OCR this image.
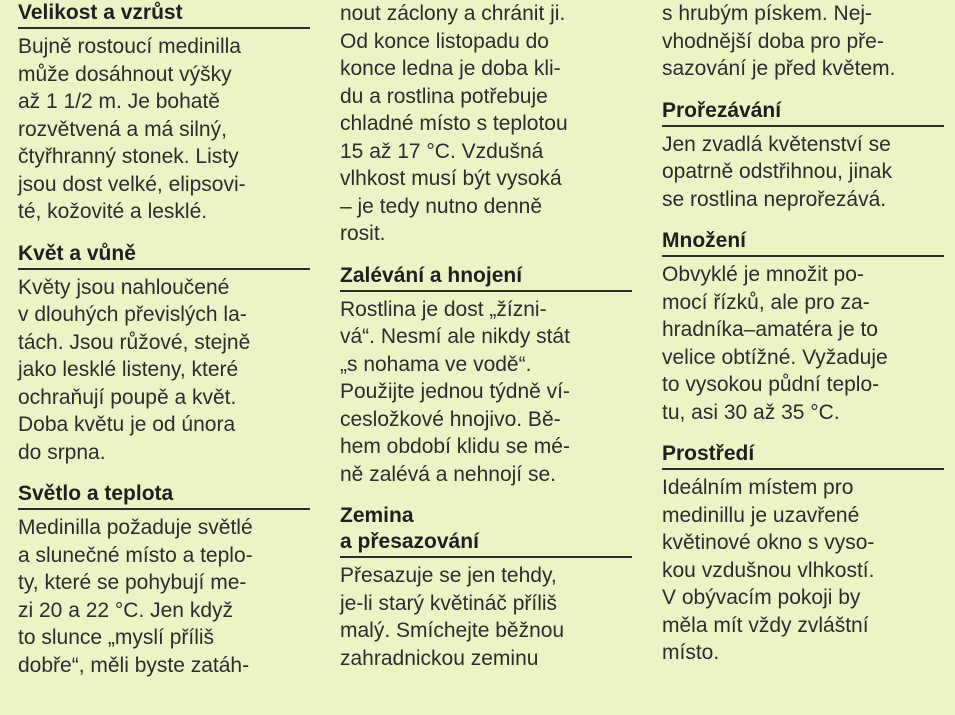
Velikost a vzrůst
Bujně rostoucí medinilla
může dosáhnout výšky
až 1 1/2 m. Je bohatě
rozvětvená a má silný,
čtyřhranný stonek. Listy
jsou dost velké, elipsovi-
té, kožovité a lesklé.
Květ a vůně
Květy jsou nahloučené
v dlouhých převislých la-
tách. Jsou růžové, stejně
jako lesklé listeny, které
ochraňují poupě a květ.
Doba květu je od února
do srpna.
Světlo a teplota
Medinilla požaduje světlé
a slunečné místo a teplo-
ty, které se pohybují me-
zi 20 a 22 °C. Jen když
to slunce „myslí příliš
dobře“, měli byste zatáh-
nout záclony a chránit ji.
Od konce listopadu do
konce ledna je doba kli-
du a rostlina potřebuje
chladné místo s teplotou
15 až 17 °C. Vzdušná
vlhkost musí být vysoká
– je tedy nutno denně
rosit.
Zalévání a hnojení
Rostlina je dost „žízni-
vá“. Nesmí ale nikdy stát
„s nohama ve vodě“.
Použijte jednou týdně ví-
cesložkové hnojivo. Bě-
hem období klidu se mé-
ně zalévá a nehnojí se.
Zemina
a přesazování
Přesazuje se jen tehdy,
je-li starý květináč příliš
malý. Smíchejte běžnou
zahradnickou zeminu
s hrubým pískem. Nej-
vhodnější doba pro pře-
sazování je před květem.
Prořezávání
Jen zvadlá květenství se
opatrně odstřihnou, jinak
se rostlina neprořezává.
Množení
Obvyklé je množit po-
mocí řízků, ale pro za-
hradníka–amatéra je to
velice obtížné. Vyžaduje
to vysokou půdní teplo-
tu, asi 30 až 35 °C.
Prostředí
Ideálním místem pro
medinillu je uzavřené
květinové okno s vyso-
kou vzdušnou vlhkostí.
V obývacím pokoji by
měla mít vždy zvláštní
místo.
